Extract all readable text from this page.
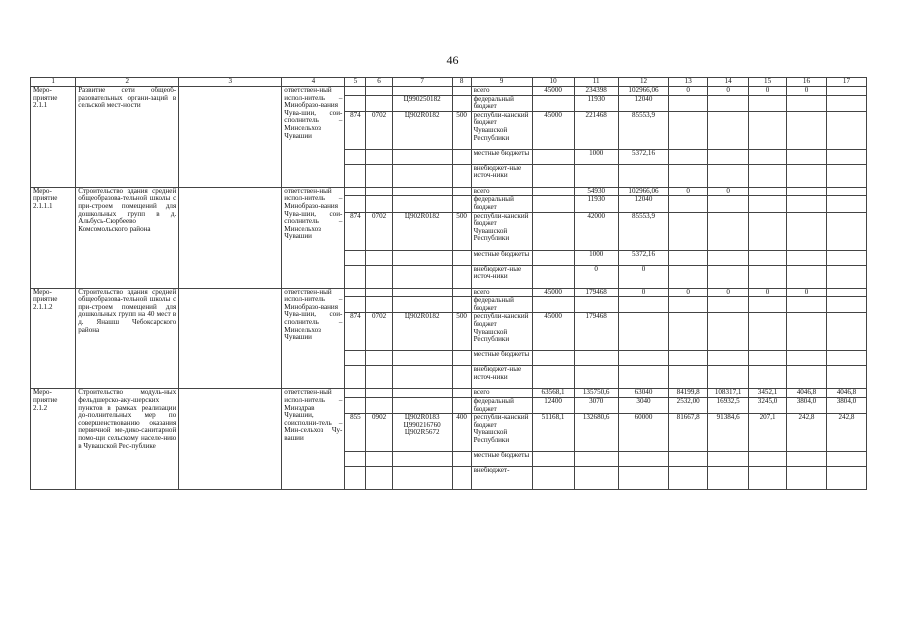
46
1	2	3	4	5	6	7	8	9	10	11	12	13	14	15	16	17
Меро-приятие 2.1.1	Развитие сети общеоб-разовательных органи-заций в сельской мест-ности		ответствен-ный испол-нитель – Минобразо-вания Чува-шии, сои-сполнитель – Минсельхоз Чувашии					всего	45000	234398	102966,06	0	0	0	0	
						Ц990250182		федеральный бюджет		11930	12040					
				874	0702	Ц902R0182	500	республи-канский бюджет Чувашской Республики	45000	221468	85553,9					
								местные бюджеты		1000	5372,16					
								внебюджет-ные источ-ники								
Меро-приятие 2.1.1.1	Строительство здания средней общеобразова-тельной школы с при-строем помещений для дошкольных групп в д. Альбусь-Сюрбеево Комсомольского района		ответствен-ный испол-нитель – Минобразо-вания Чува-шии, сои-сполнитель – Минсельхоз Чувашии					всего		54930	102966,06	0	0			
								федеральный бюджет		11930	12040					
				874	0702	Ц902R0182	500	республи-канский бюджет Чувашской Республики		42000	85553,9					
								местные бюджеты		1000	5372,16					
								внебюджет-ные источ-ники		0	0					
Меро-приятие 2.1.1.2	Строительство здания средней общеобразова-тельной школы с при-строем помещений для дошкольных групп на 40 мест в д. Янашш Чебоксарского района		ответствен-ный испол-нитель – Минобразо-вания Чува-шии, сои-сполнитель – Минсельхоз Чувашии					всего	45000	179468	0	0	0	0	0	
								федеральный бюджет								
				874	0702	Ц902R0182	500	республи-канский бюджет Чувашской Республики	45000	179468						
								местные бюджеты								
								внебюджет-ные источ-ники								
Меро-приятие 2.1.2	Строительство модуль-ных фельдшерско-аку-шерских пунктов в рамках реализации до-полнительных мер по совершенствованию оказания первичной ме-дико-санитарной помо-щи сельскому населе-нию в Чувашской Рес-публике		ответствен-ный испол-нитель – Минздрав Чувашии, соисполни-тель – Мин-сельхоз Чу-вашии					всего	63568,1	135750,6	63040	84199,8	108317,1	3452,1	4046,8	4046,8
								федеральный бюджет	12400	3070	3040	2532,00	16932,5	3245,0	3804,0	3804,0
				855	0902	Ц902R0183 Ц990216760 Ц902R5672	400	республи-канский бюджет Чувашской Республики	51168,1	132680,6	60000	81667,8	91384,6	207,1	242,8	242,8
								местные бюджеты								
								внебюджет-								
